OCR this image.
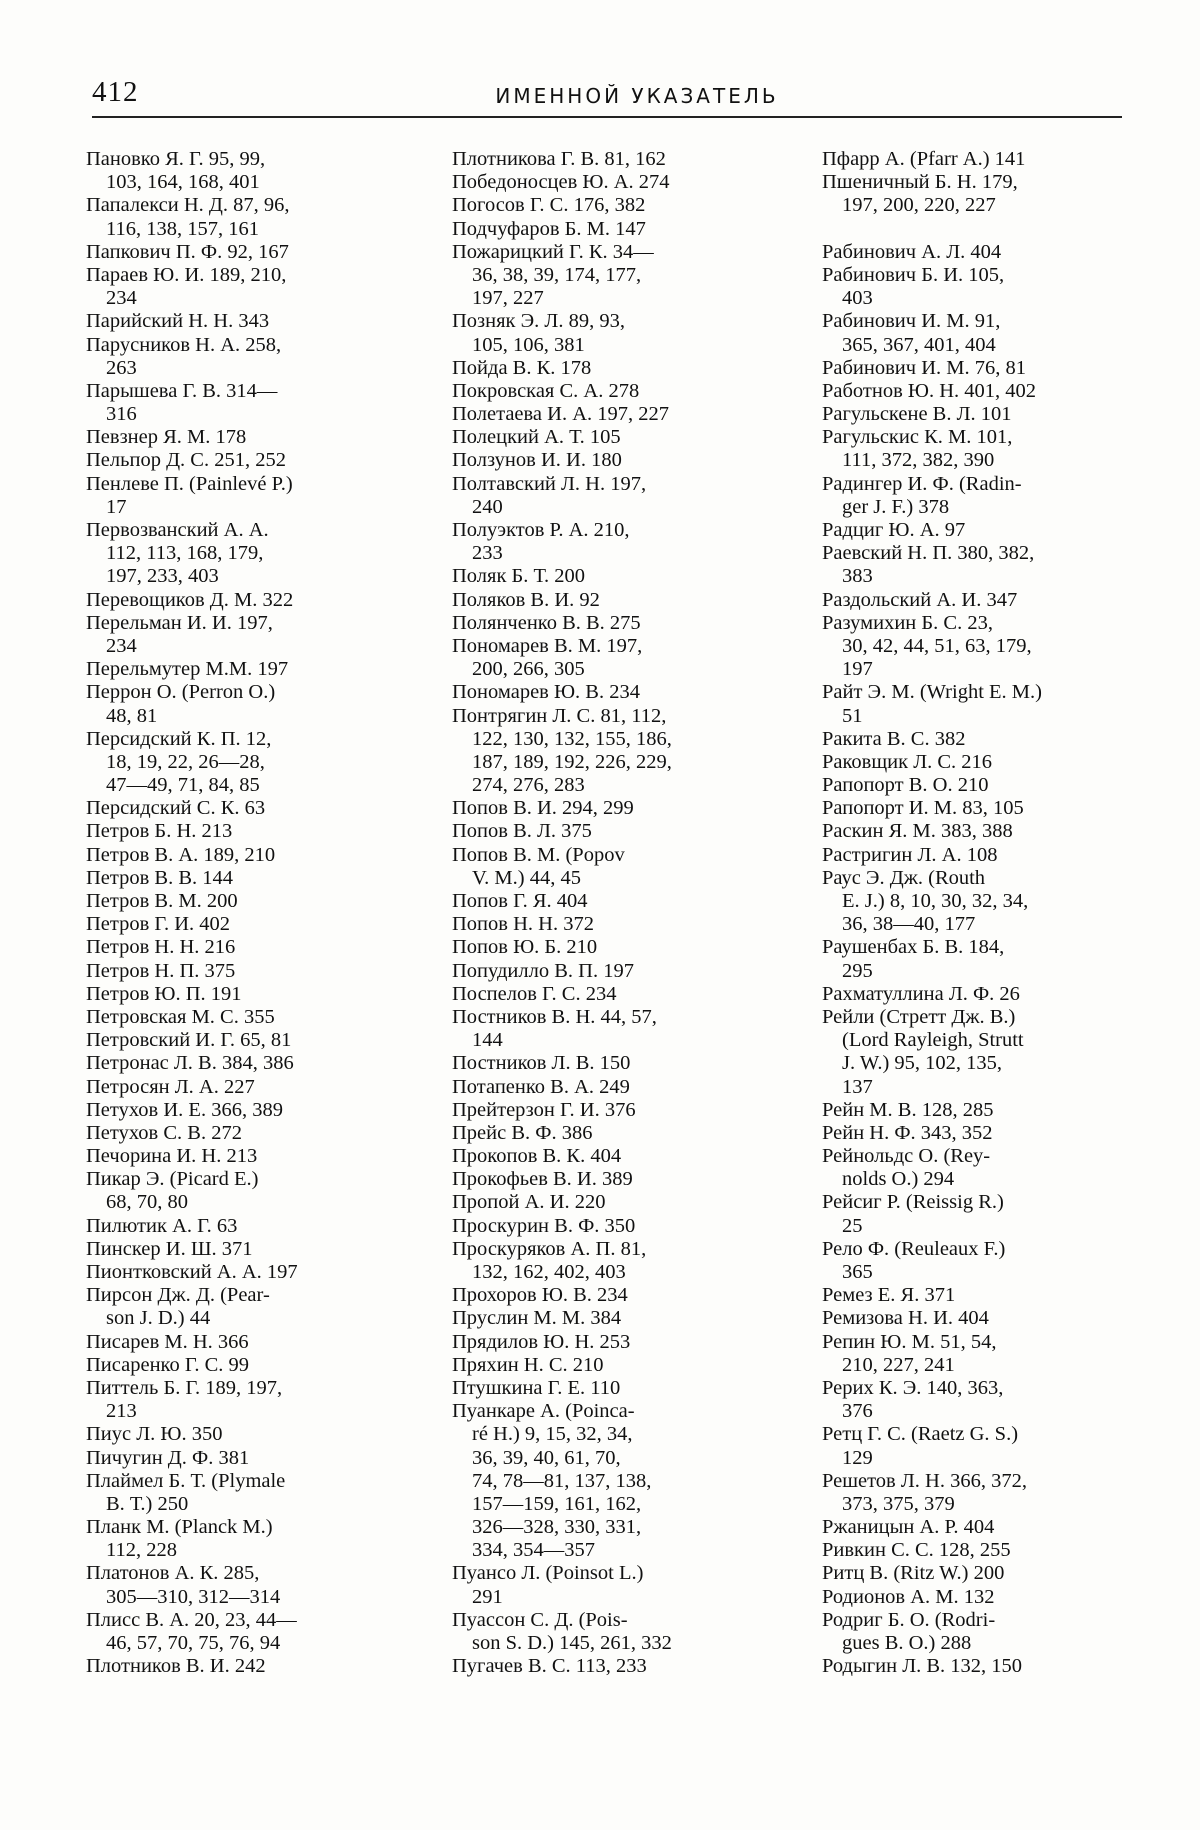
412	ИМЕННОЙ УКАЗАТЕЛЬ
Пановко Я. Г. 95, 99,
103, 164, 168, 401
Папалекси Н. Д. 87, 96,
116, 138, 157, 161
Папкович П. Ф. 92, 167
Параев Ю. И. 189, 210,
234
Парийский Н. Н. 343
Парусников Н. А. 258,
263
Парышева Г. В. 314—
316
Певзнер Я. М. 178
Пельпор Д. С. 251, 252
Пенлеве П. (Painlevé P.)
17
Первозванский А. А.
112, 113, 168, 179,
197, 233, 403
Перевощиков Д. М. 322
Перельман И. И. 197,
234
Перельмутер М.М. 197
Перрон О. (Perron О.)
48, 81
Персидский К. П. 12,
18, 19, 22, 26—28,
47—49, 71, 84, 85
Персидский С. К. 63
Петров Б. Н. 213
Петров В. А. 189, 210
Петров В. В. 144
Петров В. М. 200
Петров Г. И. 402
Петров Н. Н. 216
Петров Н. П. 375
Петров Ю. П. 191
Петровская М. С. 355
Петровский И. Г. 65, 81
Петронас Л. В. 384, 386
Петросян Л. А. 227
Петухов И. Е. 366, 389
Петухов С. В. 272
Печорина И. Н. 213
Пикар Э. (Picard Е.)
68, 70, 80
Пилютик А. Г. 63
Пинскер И. Ш. 371
Пионтковский А. А. 197
Пирсон Дж. Д. (Pear-
son J. D.) 44
Писарев М. Н. 366
Писаренко Г. С. 99
Питтель Б. Г. 189, 197,
213
Пиус Л. Ю. 350
Пичугин Д. Ф. 381
Плаймел Б. Т. (Plymale
В. Т.) 250
Планк М. (Planck М.)
112, 228
Платонов А. К. 285,
305—310, 312—314
Плисс В. А. 20, 23, 44—
46, 57, 70, 75, 76, 94
Плотников В. И. 242
Плотникова Г. В. 81, 162
Победоносцев Ю. А. 274
Погосов Г. С. 176, 382
Подчуфаров Б. М. 147
Пожарицкий Г. К. 34—
36, 38, 39, 174, 177,
197, 227
Позняк Э. Л. 89, 93,
105, 106, 381
Пойда В. К. 178
Покровская С. А. 278
Полетаева И. А. 197, 227
Полецкий А. Т. 105
Ползунов И. И. 180
Полтавский Л. Н. 197,
240
Полуэктов Р. А. 210,
233
Поляк Б. Т. 200
Поляков В. И. 92
Полянченко В. В. 275
Пономарев В. М. 197,
200, 266, 305
Пономарев Ю. В. 234
Понтрягин Л. С. 81, 112,
122, 130, 132, 155, 186,
187, 189, 192, 226, 229,
274, 276, 283
Попов В. И. 294, 299
Попов В. Л. 375
Попов В. М. (Popov
V. M.) 44, 45
Попов Г. Я. 404
Попов Н. Н. 372
Попов Ю. Б. 210
Попудилло В. П. 197
Поспелов Г. С. 234
Постников В. Н. 44, 57,
144
Постников Л. В. 150
Потапенко В. А. 249
Прейтерзон Г. И. 376
Прейс В. Ф. 386
Прокопов В. К. 404
Прокофьев В. И. 389
Пропой А. И. 220
Проскурин В. Ф. 350
Проскуряков А. П. 81,
132, 162, 402, 403
Прохоров Ю. В. 234
Пруслин М. М. 384
Прядилов Ю. Н. 253
Пряхин Н. С. 210
Птушкина Г. Е. 110
Пуанкаре А. (Poinca-
ré H.) 9, 15, 32, 34,
36, 39, 40, 61, 70,
74, 78—81, 137, 138,
157—159, 161, 162,
326—328, 330, 331,
334, 354—357
Пуансо Л. (Poinsot L.)
291
Пуассон С. Д. (Pois-
son S. D.) 145, 261, 332
Пугачев В. С. 113, 233
Пфарр А. (Pfarr А.) 141
Пшеничный Б. Н. 179,
197, 200, 220, 227
Рабинович А. Л. 404
Рабинович Б. И. 105,
403
Рабинович И. М. 91,
365, 367, 401, 404
Рабинович И. М. 76, 81
Работнов Ю. Н. 401, 402
Рагульскене В. Л. 101
Рагульскис К. М. 101,
111, 372, 382, 390
Радингер И. Ф. (Radin-
ger J. F.) 378
Радциг Ю. А. 97
Раевский Н. П. 380, 382,
383
Раздольский А. И. 347
Разумихин Б. С. 23,
30, 42, 44, 51, 63, 179,
197
Райт Э. М. (Wright Е. М.)
51
Ракита В. С. 382
Раковщик Л. С. 216
Рапопорт В. О. 210
Рапопорт И. М. 83, 105
Раскин Я. М. 383, 388
Растригин Л. А. 108
Раус Э. Дж. (Routh
Е. J.) 8, 10, 30, 32, 34,
36, 38—40, 177
Раушенбах Б. В. 184,
295
Рахматуллина Л. Ф. 26
Рейли (Стретт Дж. В.)
(Lord Rayleigh, Strutt
J. W.) 95, 102, 135,
137
Рейн М. В. 128, 285
Рейн Н. Ф. 343, 352
Рейнольдс О. (Rey-
nolds О.) 294
Рейсиг Р. (Reissig R.)
25
Рело Ф. (Reuleaux F.)
365
Ремез Е. Я. 371
Ремизова Н. И. 404
Репин Ю. М. 51, 54,
210, 227, 241
Рерих К. Э. 140, 363,
376
Ретц Г. С. (Raetz G. S.)
129
Решетов Л. Н. 366, 372,
373, 375, 379
Ржаницын А. Р. 404
Ривкин С. С. 128, 255
Ритц В. (Ritz W.) 200
Родионов А. М. 132
Родриг Б. О. (Rodri-
gues В. О.) 288
Родыгин Л. В. 132, 150
